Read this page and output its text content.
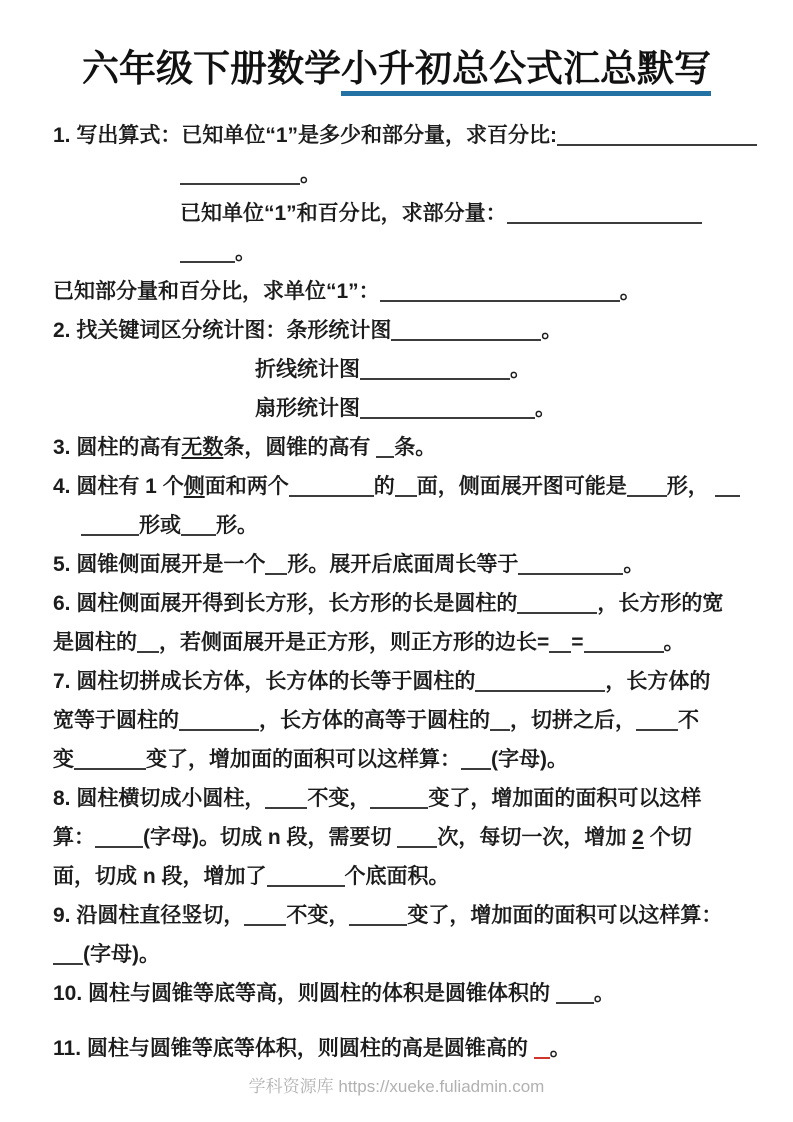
六年级下册数学小升初总公式汇总默写
1. 写出算式：已知单位“1”是多少和部分量，求百分比:
。
已知单位“1”和百分比，求部分量：
。
已知部分量和百分比，求单位“1”：	。
2. 找关键词区分统计图：条形统计图	。
折线统计图	。
扇形统计图	。
3. 圆柱的高有无数条，圆锥的高有 条。
4. 圆柱有 1 个侧面和两个	的 面，侧面展开图可能是 形，
形或 形。
5. 圆锥侧面展开是一个 形。展开后底面周长等于	。
6. 圆柱侧面展开得到长方形，长方形的长是圆柱的	，长方形的宽
是圆柱的 ，若侧面展开是正方形，则正方形的边长= =	。
7. 圆柱切拼成长方体，长方体的长等于圆柱的	，长方体的
宽等于圆柱的	，长方体的高等于圆柱的 ，切拼之后， 不
变	变了，增加面的面积可以这样算： (字母)。
8. 圆柱横切成小圆柱， 不变，	变了，增加面的面积可以这样
算： (字母)。切成 n 段，需要切 次，每切一次，增加 2 个切
面，切成 n 段，增加了	个底面积。
9. 沿圆柱直径竖切， 不变，	变了，增加面的面积可以这样算：
(字母)。
10. 圆柱与圆锥等底等高，则圆柱的体积是圆锥体积的 。
11. 圆柱与圆锥等底等体积，则圆柱的高是圆锥高的 。
学科资源库 https://xueke.fuliadmin.com
